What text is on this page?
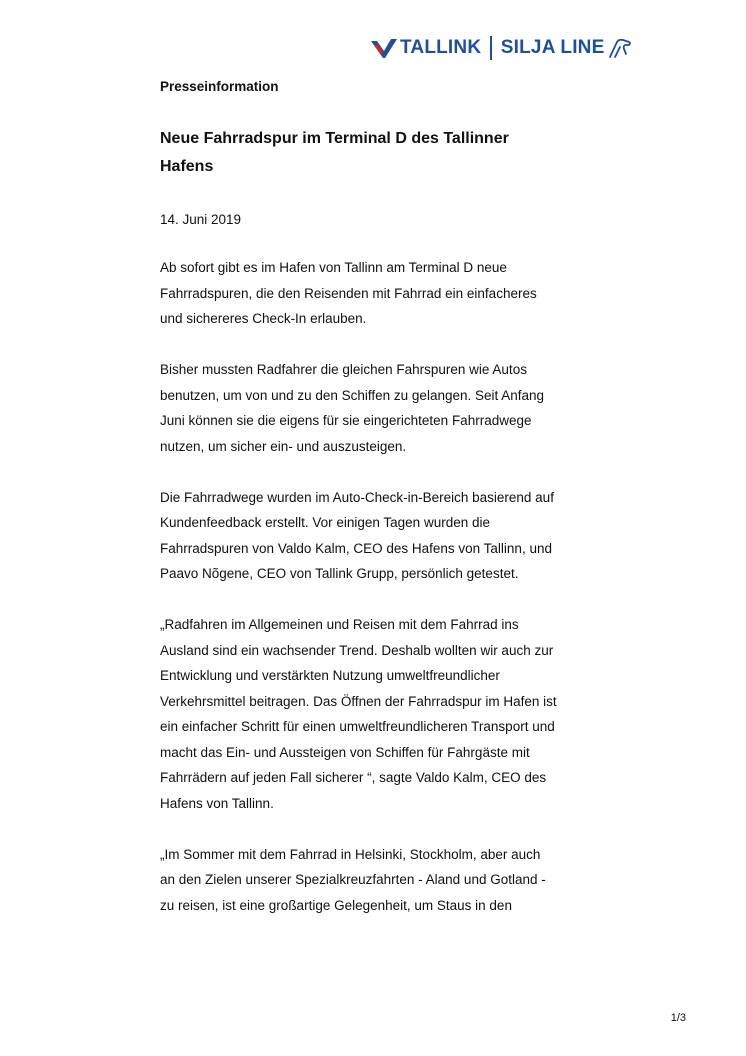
TALLINK SILJA LINE

Presseinformation

Neue Fahrradspur im Terminal D des Tallinner
Hafens

14. Juni 2019

Ab sofort gibt es im Hafen von Tallinn am Terminal D neue
Fahrradspuren, die den Reisenden mit Fahrrad ein einfacheres
und sichereres Check-In erlauben.

Bisher mussten Radfahrer die gleichen Fahrspuren wie Autos
benutzen, um von und zu den Schiffen zu gelangen. Seit Anfang
Juni können sie die eigens für sie eingerichteten Fahrradwege
nutzen, um sicher ein- und auszusteigen.

Die Fahrradwege wurden im Auto-Check-in-Bereich basierend auf
Kundenfeedback erstellt. Vor einigen Tagen wurden die
Fahrradspuren von Valdo Kalm, CEO des Hafens von Tallinn, und
Paavo Nõgene, CEO von Tallink Grupp, persönlich getestet.

„Radfahren im Allgemeinen und Reisen mit dem Fahrrad ins
Ausland sind ein wachsender Trend. Deshalb wollten wir auch zur
Entwicklung und verstärkten Nutzung umweltfreundlicher
Verkehrsmittel beitragen. Das Öffnen der Fahrradspur im Hafen ist
ein einfacher Schritt für einen umweltfreundlicheren Transport und
macht das Ein- und Aussteigen von Schiffen für Fahrgäste mit
Fahrrädern auf jeden Fall sicherer “, sagte Valdo Kalm, CEO des
Hafens von Tallinn.

„Im Sommer mit dem Fahrrad in Helsinki, Stockholm, aber auch
an den Zielen unserer Spezialkreuzfahrten - Aland und Gotland -
zu reisen, ist eine großartige Gelegenheit, um Staus in den

1/3
